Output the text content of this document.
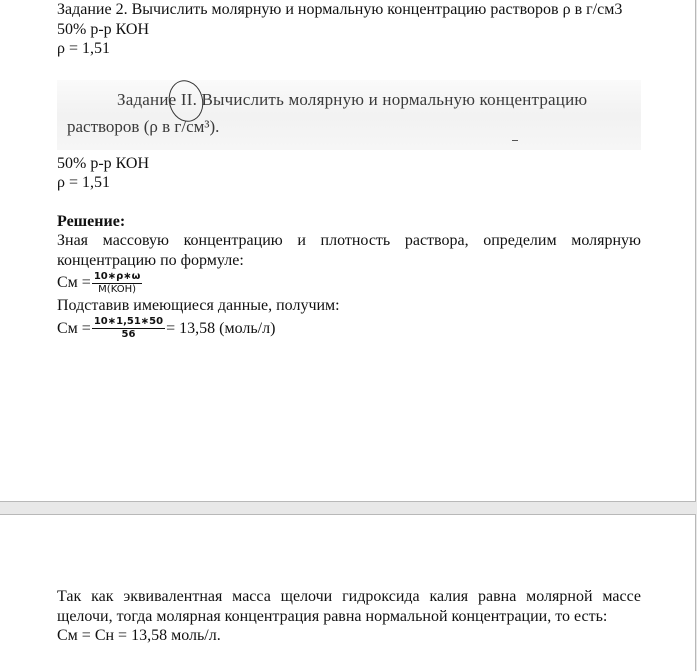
Задание 2. Вычислить молярную и нормальную концентрацию растворов ρ в г/см3
50% р-р КОН
ρ = 1,51
Задание II. Вычислить молярную и нормальную концентрацию
растворов (ρ в г/см³).
50% р-р КОН
ρ = 1,51
Решение:
Зная массовую концентрацию и плотность раствора, определим молярную концентрацию по формуле:
См = $\frac{10∗\rho∗\omega}{\text{M(KOH)}}$
Подставив имеющиеся данные, получим:
См = $\frac{10∗1,51∗50}{56} = 13,58$ (моль/л)
Так как эквивалентная масса щелочи гидроксида калия равна молярной массе щелочи, тогда молярная концентрация равна нормальной концентрации, то есть:
См = Сн = 13,58 моль/л.
